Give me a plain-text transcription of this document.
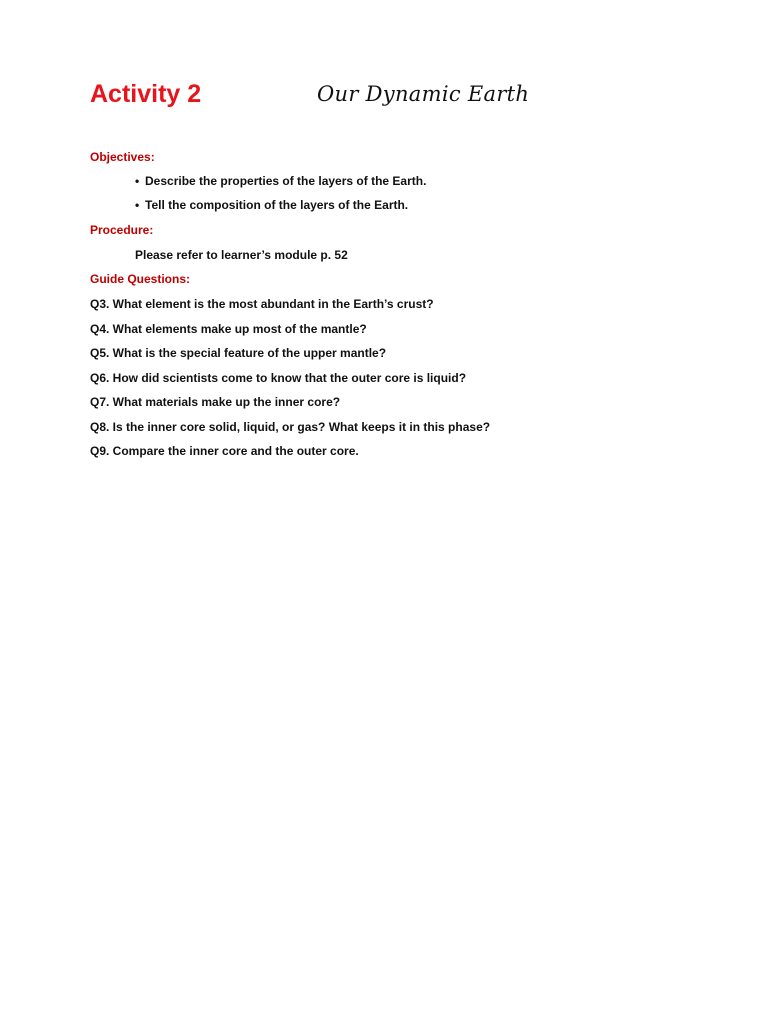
Activity 2	Our Dynamic Earth
Objectives:
• Describe the properties of the layers of the Earth.
• Tell the composition of the layers of the Earth.
Procedure:
Please refer to learner’s module p. 52
Guide Questions:
Q3. What element is the most abundant in the Earth’s crust?
Q4. What elements make up most of the mantle?
Q5. What is the special feature of the upper mantle?
Q6. How did scientists come to know that the outer core is liquid?
Q7. What materials make up the inner core?
Q8. Is the inner core solid, liquid, or gas? What keeps it in this phase?
Q9. Compare the inner core and the outer core.
